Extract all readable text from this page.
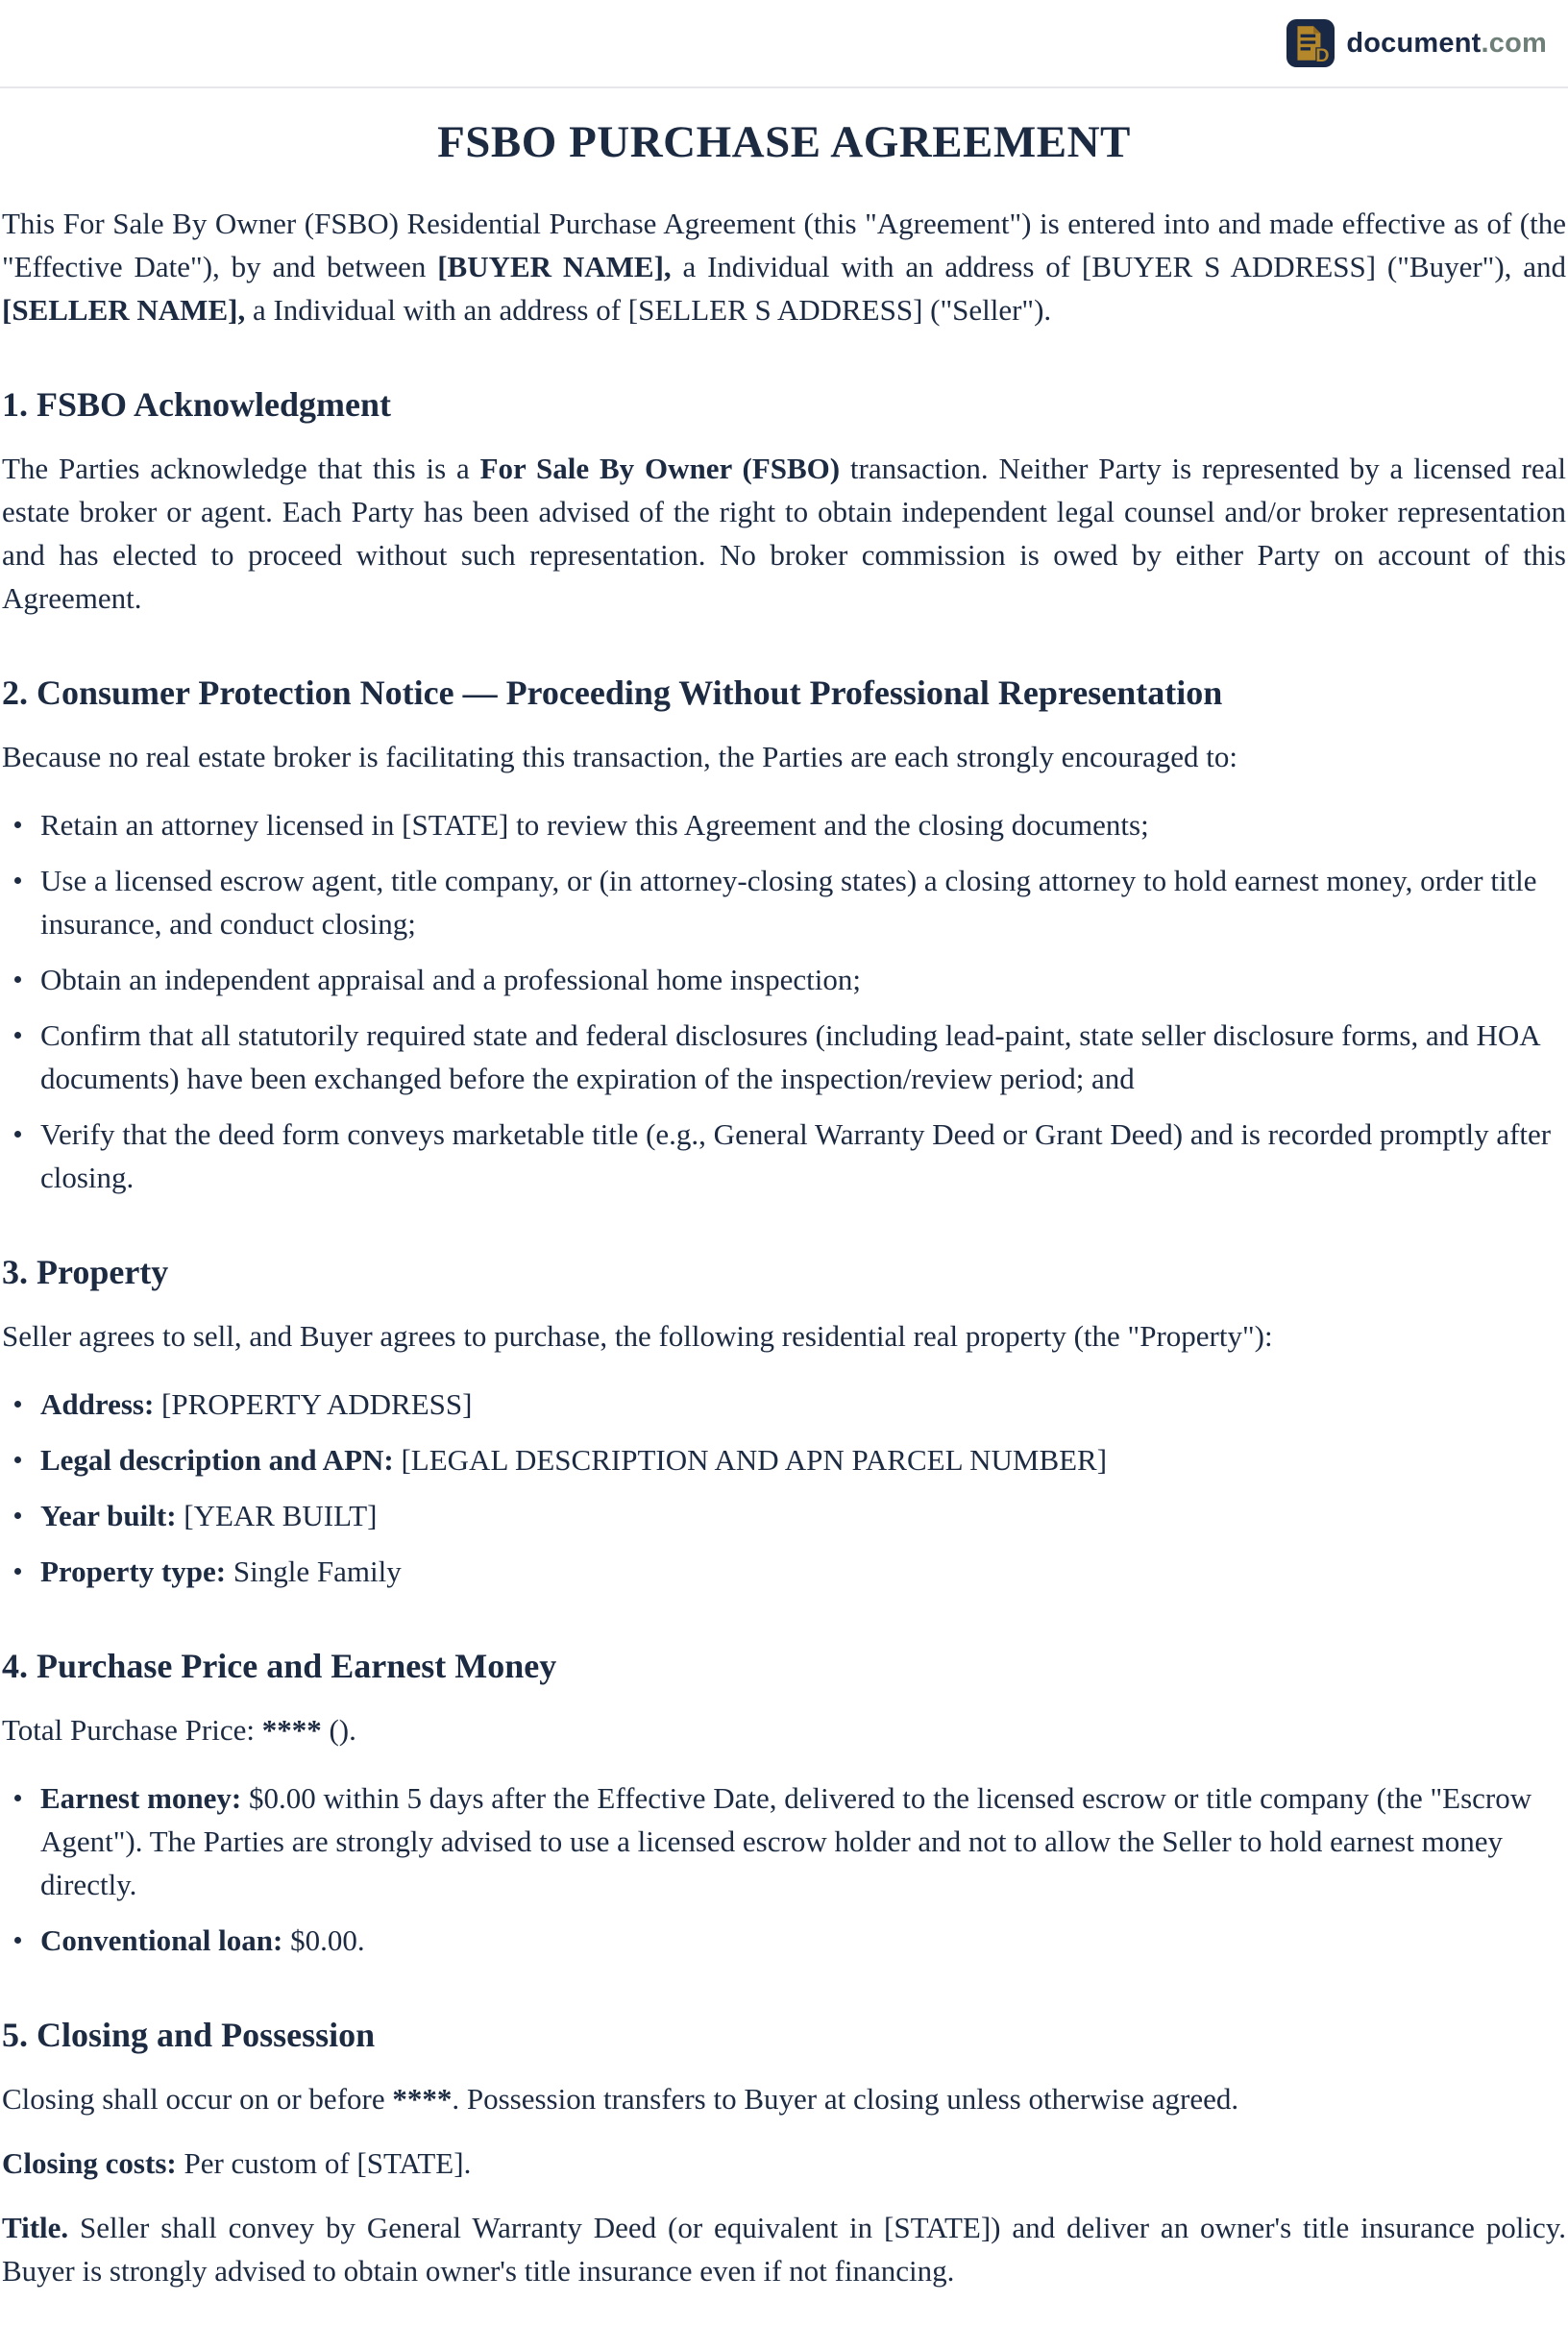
D document.com
FSBO PURCHASE AGREEMENT

This For Sale By Owner (FSBO) Residential Purchase Agreement (this "Agreement") is entered into and made effective as of (the "Effective Date"), by and between [BUYER NAME], a Individual with an address of [BUYER S ADDRESS] ("Buyer"), and [SELLER NAME], a Individual with an address of [SELLER S ADDRESS] ("Seller").

1. FSBO Acknowledgment

The Parties acknowledge that this is a For Sale By Owner (FSBO) transaction. Neither Party is represented by a licensed real estate broker or agent. Each Party has been advised of the right to obtain independent legal counsel and/or broker representation and has elected to proceed without such representation. No broker commission is owed by either Party on account of this Agreement.

2. Consumer Protection Notice — Proceeding Without Professional Representation

Because no real estate broker is facilitating this transaction, the Parties are each strongly encouraged to:

Retain an attorney licensed in [STATE] to review this Agreement and the closing documents;
Use a licensed escrow agent, title company, or (in attorney-closing states) a closing attorney to hold earnest money, order title insurance, and conduct closing;
Obtain an independent appraisal and a professional home inspection;
Confirm that all statutorily required state and federal disclosures (including lead-paint, state seller disclosure forms, and HOA documents) have been exchanged before the expiration of the inspection/review period; and
Verify that the deed form conveys marketable title (e.g., General Warranty Deed or Grant Deed) and is recorded promptly after closing.
3. Property

Seller agrees to sell, and Buyer agrees to purchase, the following residential real property (the "Property"):

Address: [PROPERTY ADDRESS]
Legal description and APN: [LEGAL DESCRIPTION AND APN PARCEL NUMBER]
Year built: [YEAR BUILT]
Property type: Single Family
4. Purchase Price and Earnest Money

Total Purchase Price: **** ().

Earnest money: $0.00 within 5 days after the Effective Date, delivered to the licensed escrow or title company (the "Escrow Agent"). The Parties are strongly advised to use a licensed escrow holder and not to allow the Seller to hold earnest money directly.
Conventional loan: $0.00.
5. Closing and Possession

Closing shall occur on or before ****. Possession transfers to Buyer at closing unless otherwise agreed.

Closing costs: Per custom of [STATE].

Title. Seller shall convey by General Warranty Deed (or equivalent in [STATE]) and deliver an owner's title insurance policy. Buyer is strongly advised to obtain owner's title insurance even if not financing.
